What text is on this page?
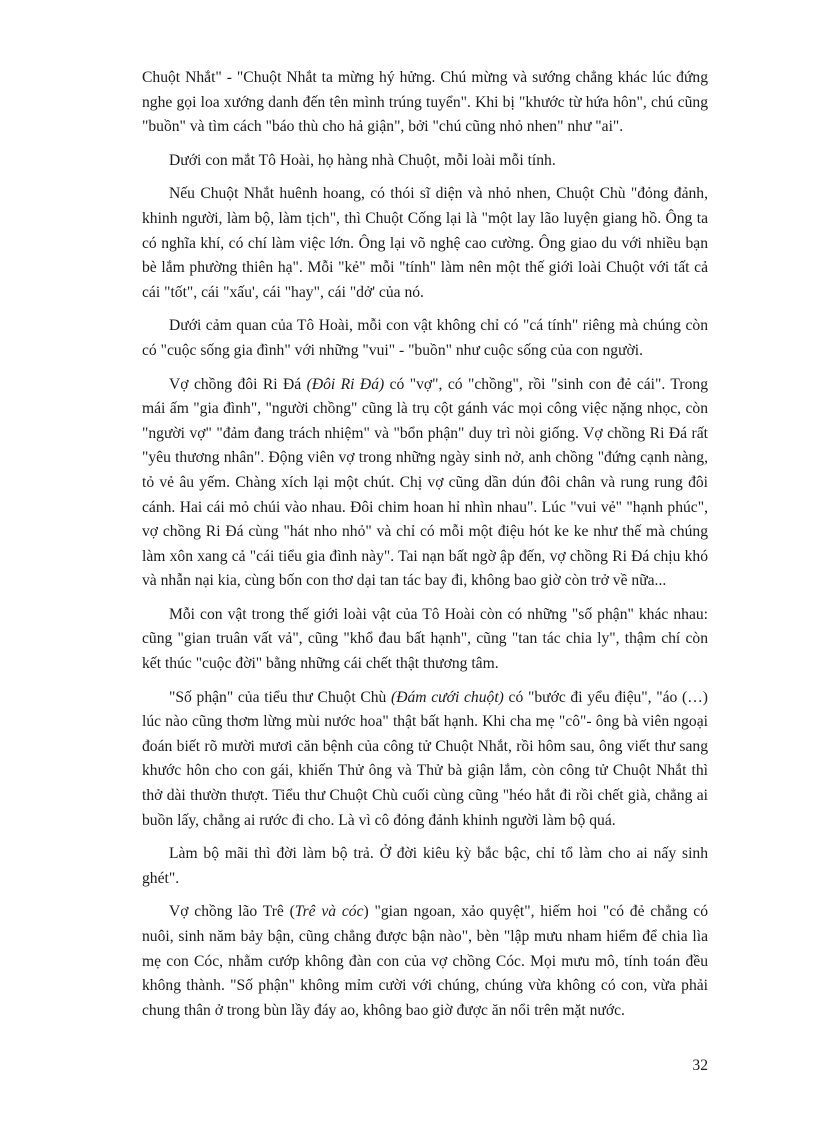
Chuột Nhắt" - "Chuột Nhắt ta mừng hý hửng. Chú mừng và sướng chẳng khác lúc đứng nghe gọi loa xướng danh đến tên mình trúng tuyển". Khi bị "khước từ hứa hôn", chú cũng "buồn" và tìm cách "báo thù cho hả giận", bởi "chú cũng nhỏ nhen" như "ai".

Dưới con mắt Tô Hoài, họ hàng nhà Chuột, mỗi loài mỗi tính.

Nếu Chuột Nhắt huênh hoang, có thói sĩ diện và nhỏ nhen, Chuột Chù "đỏng đảnh, khinh người, làm bộ, làm tịch", thì Chuột Cống lại là "một lay lão luyện giang hồ. Ông ta có nghĩa khí, có chí làm việc lớn. Ông lại võ nghệ cao cường. Ông giao du với nhiều bạn bè lắm phường thiên hạ". Mỗi "kẻ" mỗi "tính" làm nên một thế giới loài Chuột với tất cả cái "tốt", cái "xấu', cái "hay", cái "dở' của nó.

Dưới cảm quan của Tô Hoài, mỗi con vật không chỉ có "cá tính" riêng mà chúng còn có "cuộc sống gia đình" với những "vui" - "buồn" như cuộc sống của con người.

Vợ chồng đôi Ri Đá (Đôi Ri Đá) có "vợ", có "chồng", rồi "sinh con đẻ cái". Trong mái ấm "gia đình", "người chồng" cũng là trụ cột gánh vác mọi công việc nặng nhọc, còn "người vợ" "đảm đang trách nhiệm" và "bổn phận" duy trì nòi giống. Vợ chồng Ri Đá rất "yêu thương nhân". Động viên vợ trong những ngày sinh nở, anh chồng "đứng cạnh nàng, tỏ vẻ âu yếm. Chàng xích lại một chút. Chị vợ cũng dần dún đôi chân và rung rung đôi cánh. Hai cái mỏ chúi vào nhau. Đôi chim hoan hỉ nhìn nhau". Lúc "vui vẻ" "hạnh phúc", vợ chồng Ri Đá cùng "hát nho nhỏ" và chỉ có mỗi một điệu hót ke ke như thế mà chúng làm xôn xang cả "cái tiểu gia đình này". Tai nạn bất ngờ ập đến, vợ chồng Ri Đá chịu khó và nhẫn nại kia, cùng bốn con thơ dại tan tác bay đi, không bao giờ còn trở về nữa...

Mỗi con vật trong thế giới loài vật của Tô Hoài còn có những "số phận" khác nhau: cũng "gian truân vất vả", cũng "khổ đau bất hạnh", cũng "tan tác chia ly", thậm chí còn kết thúc "cuộc đời" bằng những cái chết thật thương tâm.

"Số phận" của tiểu thư Chuột Chù (Đám cưới chuột) có "bước đi yểu điệu", "áo (…) lúc nào cũng thơm lừng mùi nước hoa" thật bất hạnh. Khi cha mẹ "cô"- ông bà viên ngoại đoán biết rõ mười mươi căn bệnh của công tử Chuột Nhắt, rồi hôm sau, ông viết thư sang khước hôn cho con gái, khiến Thử ông và Thử bà giận lắm, còn công tử Chuột Nhắt thì thở dài thườn thượt. Tiểu thư Chuột Chù cuối cùng cũng "héo hắt đi rồi chết già, chẳng ai buồn lấy, chẳng ai rước đi cho. Là vì cô đỏng đảnh khinh người làm bộ quá.

Làm bộ mãi thì đời làm bộ trả. Ở đời kiêu kỳ bắc bậc, chỉ tổ làm cho ai nấy sinh ghét".

Vợ chồng lão Trê (Trê và cóc) "gian ngoan, xảo quyệt", hiếm hoi "có đẻ chẳng có nuôi, sinh năm bảy bận, cũng chẳng được bận nào", bèn "lập mưu nham hiểm để chia lìa mẹ con Cóc, nhằm cướp không đàn con của vợ chồng Cóc. Mọi mưu mô, tính toán đều không thành. "Số phận" không mỉm cười với chúng, chúng vừa không có con, vừa phải chung thân ở trong bùn lầy đáy ao, không bao giờ được ăn nổi trên mặt nước.

32
